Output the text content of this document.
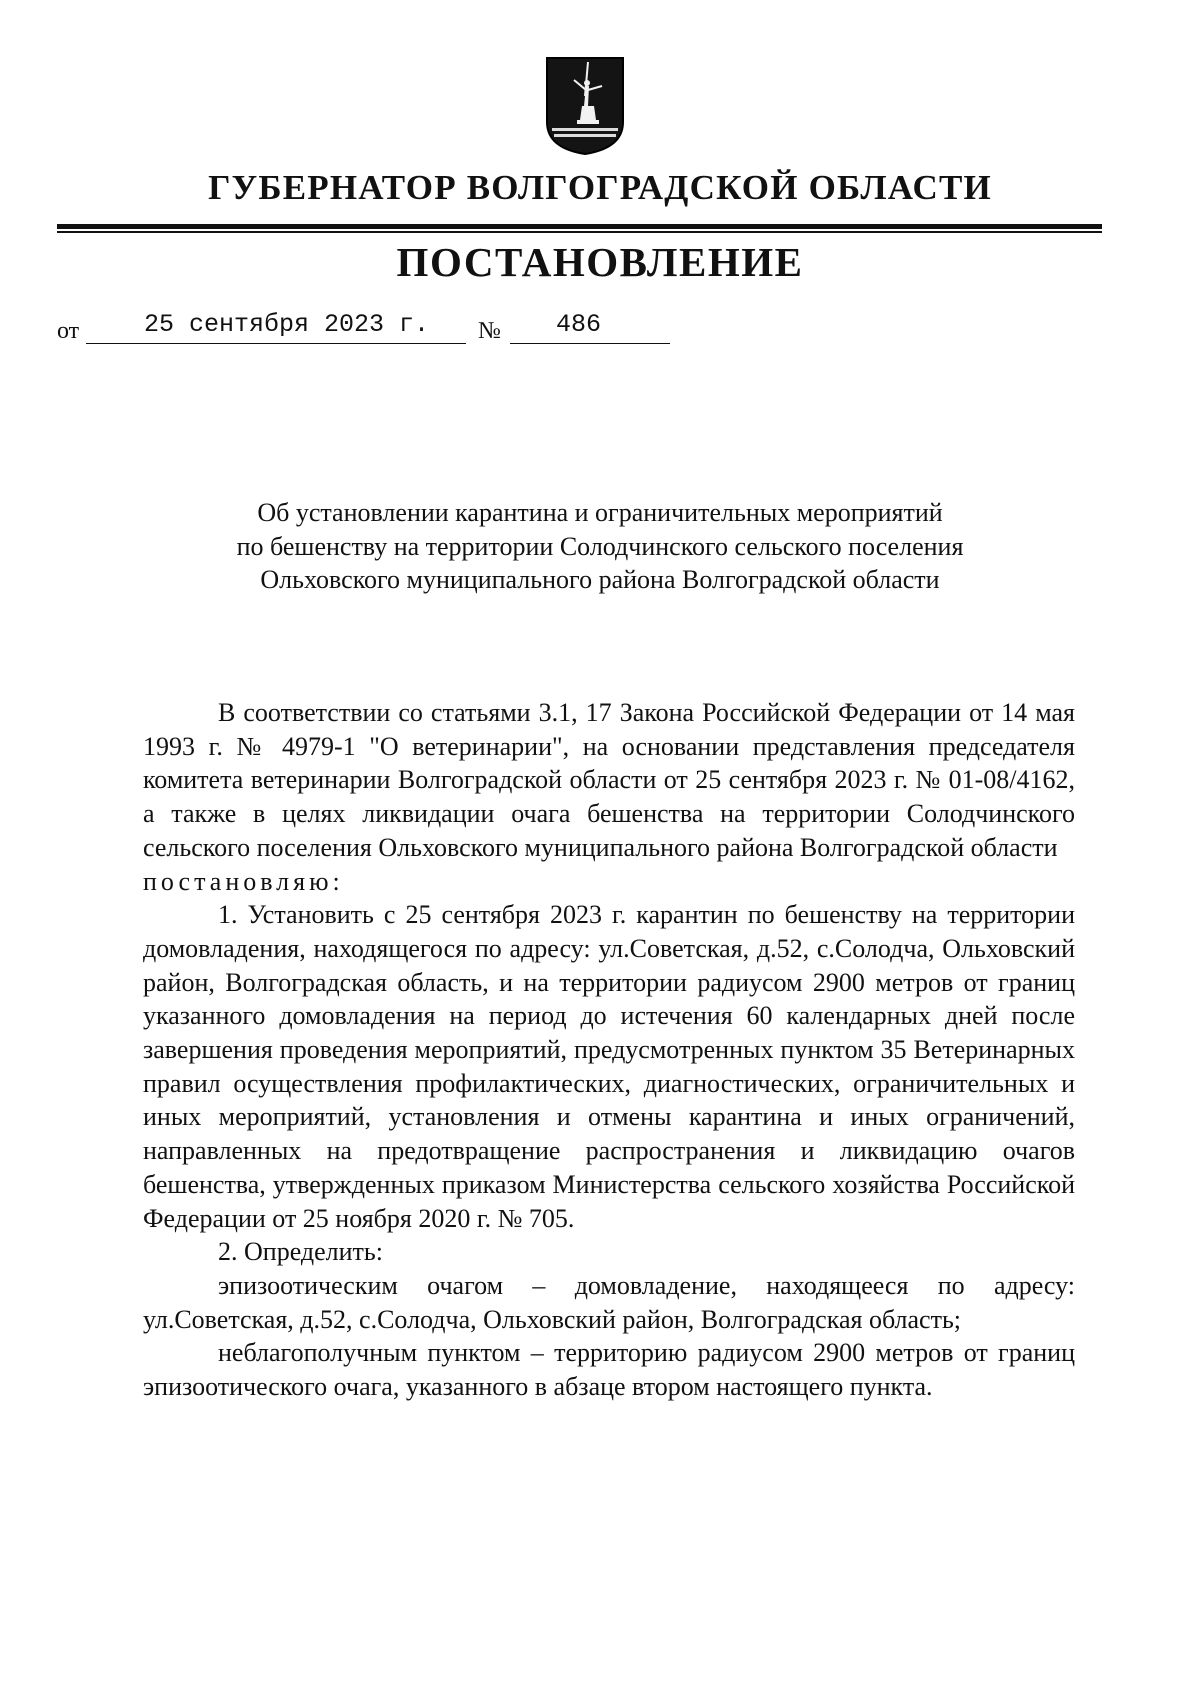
ГУБЕРНАТОР ВОЛГОГРАДСКОЙ ОБЛАСТИ
ПОСТАНОВЛЕНИЕ
от	25 сентября 2023 г. № 486
Об установлении карантина и ограничительных мероприятий
по бешенству на территории Солодчинского сельского поселения
Ольховского муниципального района Волгоградской области

В соответствии со статьями 3.1, 17 Закона Российской Федерации от 14 мая 1993 г. № 4979-1 "О ветеринарии", на основании представления председателя комитета ветеринарии Волгоградской области от 25 сентября 2023 г. № 01-08/4162, а также в целях ликвидации очага бешенства на территории Солодчинского сельского поселения Ольховского муниципального района Волгоградской области

постановляю:

1. Установить с 25 сентября 2023 г. карантин по бешенству на территории домовладения, находящегося по адресу: ул.Советская, д.52, с.Солодча, Ольховский район, Волгоградская область, и на территории радиусом 2900 метров от границ указанного домовладения на период до истечения 60 календарных дней после завершения проведения мероприятий, предусмотренных пунктом 35 Ветеринарных правил осуществления профилактических, диагностических, ограничительных и иных мероприятий, установления и отмены карантина и иных ограничений, направленных на предотвращение распространения и ликвидацию очагов бешенства, утвержденных приказом Министерства сельского хозяйства Российской Федерации от 25 ноября 2020 г. № 705.

2. Определить:

эпизоотическим очагом – домовладение, находящееся по адресу: ул.Советская, д.52, с.Солодча, Ольховский район, Волгоградская область;

неблагополучным пунктом – территорию радиусом 2900 метров от границ эпизоотического очага, указанного в абзаце втором настоящего пункта.
